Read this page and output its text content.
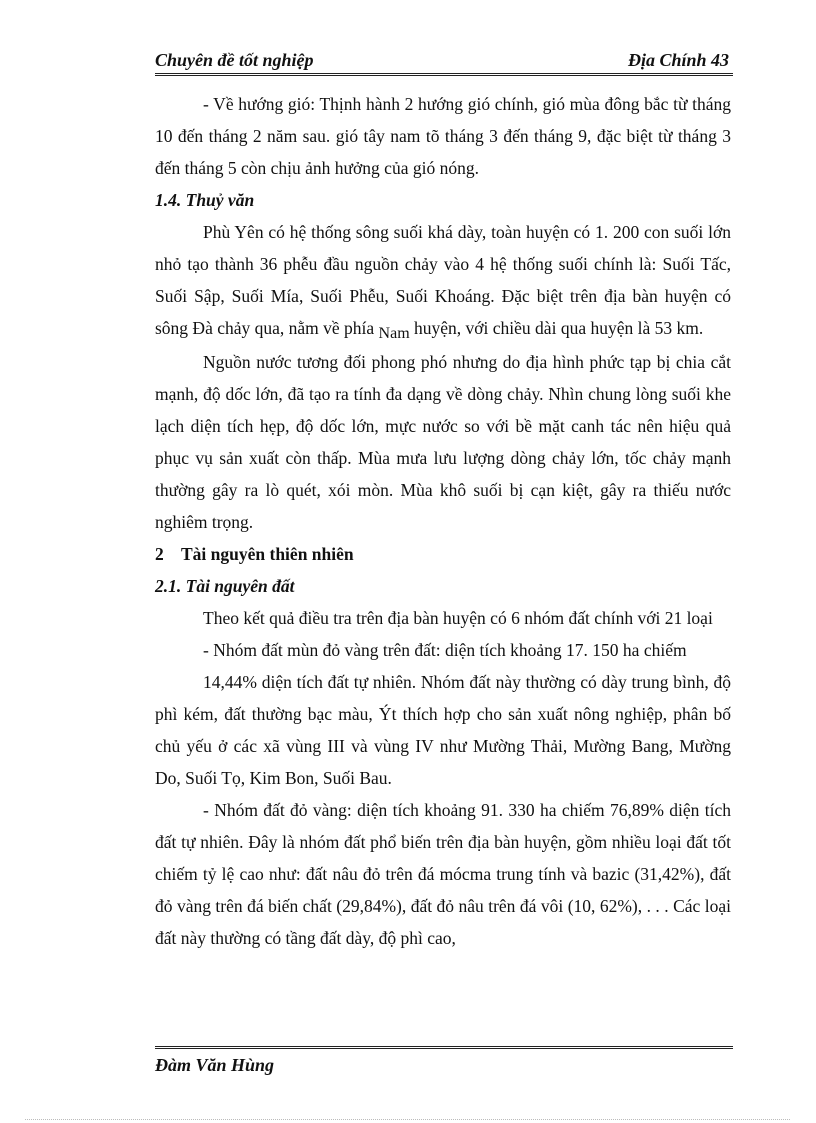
Chuyên đề tốt nghiệp	Địa Chính 43

- Về hướng gió: Thịnh hành 2 hướng gió chính, gió mùa đông bắc từ tháng 10 đến tháng 2 năm sau. gió tây nam tõ tháng 3 đến tháng 9, đặc biệt từ tháng 3 đến tháng 5 còn chịu ảnh hưởng của gió nóng.

1.4. Thuỷ văn

Phù Yên có hệ thống sông suối khá dày, toàn huyện có 1. 200 con suối lớn nhỏ tạo thành 36 phễu đầu nguồn chảy vào 4 hệ thống suối chính là: Suối Tấc, Suối Sập, Suối Mía, Suối Phễu, Suối Khoáng. Đặc biệt trên địa bàn huyện có sông Đà chảy qua, nằm về phía Nam huyện, với chiều dài qua huyện là 53 km.

Nguồn nước tương đối phong phó nhưng do địa hình phức tạp bị chia cắt mạnh, độ dốc lớn, đã tạo ra tính đa dạng về dòng chảy. Nhìn chung lòng suối khe lạch diện tích hẹp, độ dốc lớn, mực nước so với bề mặt canh tác nên hiệu quả phục vụ sản xuất còn thấp. Mùa mưa lưu lượng dòng chảy lớn, tốc chảy mạnh thường gây ra lò quét, xói mòn. Mùa khô suối bị cạn kiệt, gây ra thiếu nước nghiêm trọng.

2 Tài nguyên thiên nhiên

2.1. Tài nguyên đất

Theo kết quả điều tra trên địa bàn huyện có 6 nhóm đất chính với 21 loại

- Nhóm đất mùn đỏ vàng trên đất: diện tích khoảng 17. 150 ha chiếm

14,44% diện tích đất tự nhiên. Nhóm đất này thường có dày trung bình, độ phì kém, đất thường bạc màu, Ýt thích hợp cho sản xuất nông nghiệp, phân bố chủ yếu ở các xã vùng III và vùng IV như Mường Thải, Mường Bang, Mường Do, Suối Tọ, Kim Bon, Suối Bau.

- Nhóm đất đỏ vàng: diện tích khoảng 91. 330 ha chiếm 76,89% diện tích đất tự nhiên. Đây là nhóm đất phổ biến trên địa bàn huyện, gồm nhiều loại đất tốt chiếm tỷ lệ cao như: đất nâu đỏ trên đá mócma trung tính và bazic (31,42%), đất đỏ vàng trên đá biến chất (29,84%), đất đỏ nâu trên đá vôi (10, 62%), . . . Các loại đất này thường có tầng đất dày, độ phì cao,

Đàm Văn Hùng
